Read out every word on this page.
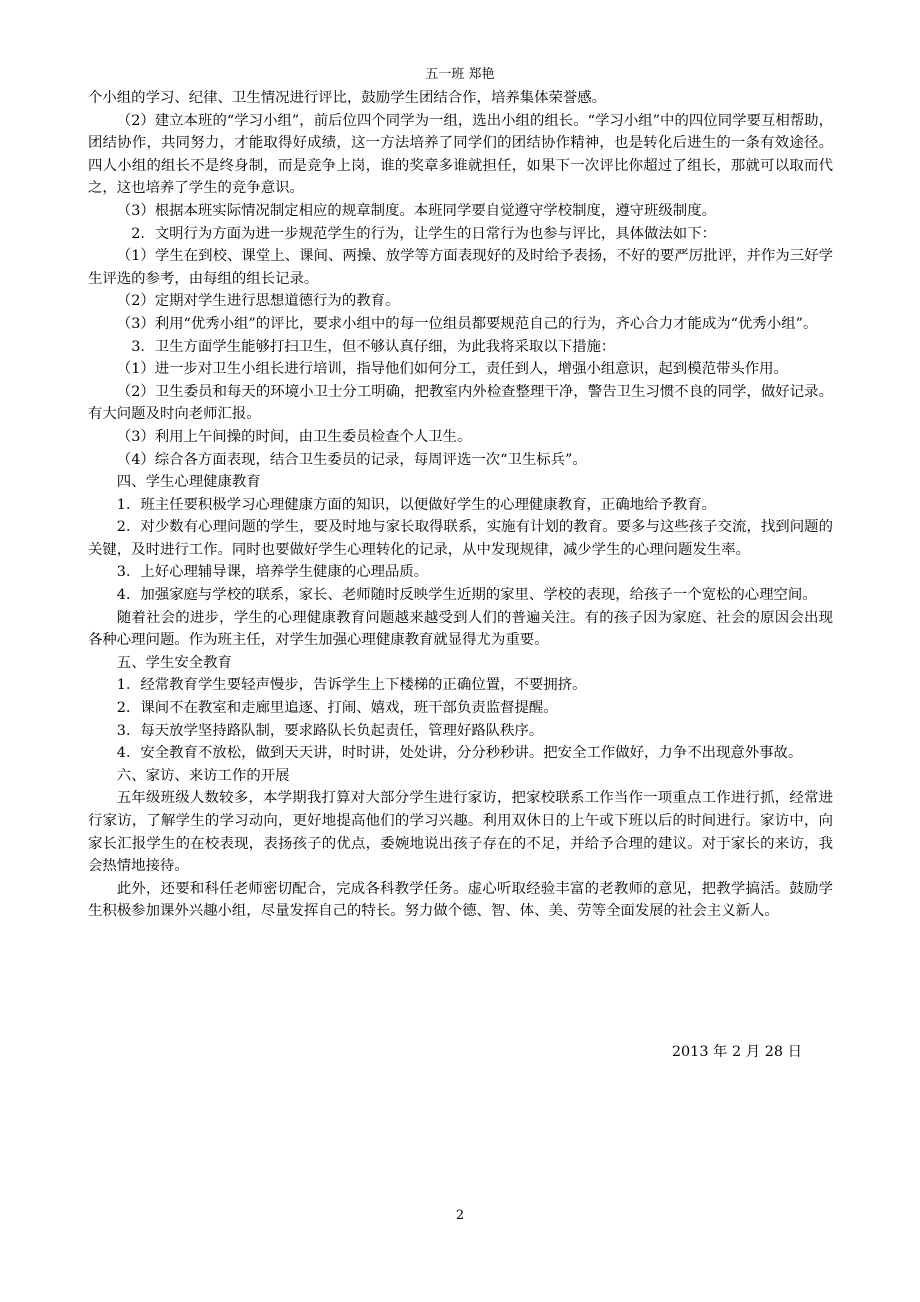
五一班 郑艳

个小组的学习、纪律、卫生情况进行评比，鼓励学生团结合作，培养集体荣誉感。

（2）建立本班的“学习小组”，前后位四个同学为一组，选出小组的组长。“学习小组”中的四位同学要互相帮助，团结协作，共同努力，才能取得好成绩，这一方法培养了同学们的团结协作精神，也是转化后进生的一条有效途径。四人小组的组长不是终身制，而是竞争上岗，谁的奖章多谁就担任，如果下一次评比你超过了组长，那就可以取而代之，这也培养了学生的竞争意识。

（3）根据本班实际情况制定相应的规章制度。本班同学要自觉遵守学校制度，遵守班级制度。

2．文明行为方面为进一步规范学生的行为，让学生的日常行为也参与评比，具体做法如下：

（1）学生在到校、课堂上、课间、两操、放学等方面表现好的及时给予表扬，不好的要严厉批评，并作为三好学生评选的参考，由每组的组长记录。

（2）定期对学生进行思想道德行为的教育。

（3）利用“优秀小组”的评比，要求小组中的每一位组员都要规范自己的行为，齐心合力才能成为“优秀小组”。

3．卫生方面学生能够打扫卫生，但不够认真仔细，为此我将采取以下措施：

（1）进一步对卫生小组长进行培训，指导他们如何分工，责任到人，增强小组意识，起到模范带头作用。

（2）卫生委员和每天的环境小卫士分工明确，把教室内外检查整理干净，警告卫生习惯不良的同学，做好记录。有大问题及时向老师汇报。

（3）利用上午间操的时间，由卫生委员检查个人卫生。

（4）综合各方面表现，结合卫生委员的记录，每周评选一次“卫生标兵”。

四、学生心理健康教育

1．班主任要积极学习心理健康方面的知识，以便做好学生的心理健康教育，正确地给予教育。

2．对少数有心理问题的学生，要及时地与家长取得联系，实施有计划的教育。要多与这些孩子交流，找到问题的关键，及时进行工作。同时也要做好学生心理转化的记录，从中发现规律，减少学生的心理问题发生率。

3．上好心理辅导课，培养学生健康的心理品质。

4．加强家庭与学校的联系，家长、老师随时反映学生近期的家里、学校的表现，给孩子一个宽松的心理空间。

随着社会的进步，学生的心理健康教育问题越来越受到人们的普遍关注。有的孩子因为家庭、社会的原因会出现各种心理问题。作为班主任，对学生加强心理健康教育就显得尤为重要。

五、学生安全教育

1．经常教育学生要轻声慢步，告诉学生上下楼梯的正确位置，不要拥挤。

2．课间不在教室和走廊里追逐、打闹、嬉戏，班干部负责监督提醒。

3．每天放学坚持路队制，要求路队长负起责任，管理好路队秩序。

4．安全教育不放松，做到天天讲，时时讲，处处讲，分分秒秒讲。把安全工作做好，力争不出现意外事故。

六、家访、来访工作的开展

五年级班级人数较多，本学期我打算对大部分学生进行家访，把家校联系工作当作一项重点工作进行抓，经常进行家访，了解学生的学习动向，更好地提高他们的学习兴趣。利用双休日的上午或下班以后的时间进行。家访中，向家长汇报学生的在校表现，表扬孩子的优点，委婉地说出孩子存在的不足，并给予合理的建议。对于家长的来访，我会热情地接待。

此外，还要和科任老师密切配合，完成各科教学任务。虚心听取经验丰富的老教师的意见，把教学搞活。鼓励学生积极参加课外兴趣小组，尽量发挥自己的特长。努力做个德、智、体、美、劳等全面发展的社会主义新人。

2013 年 2 月 28 日
2
